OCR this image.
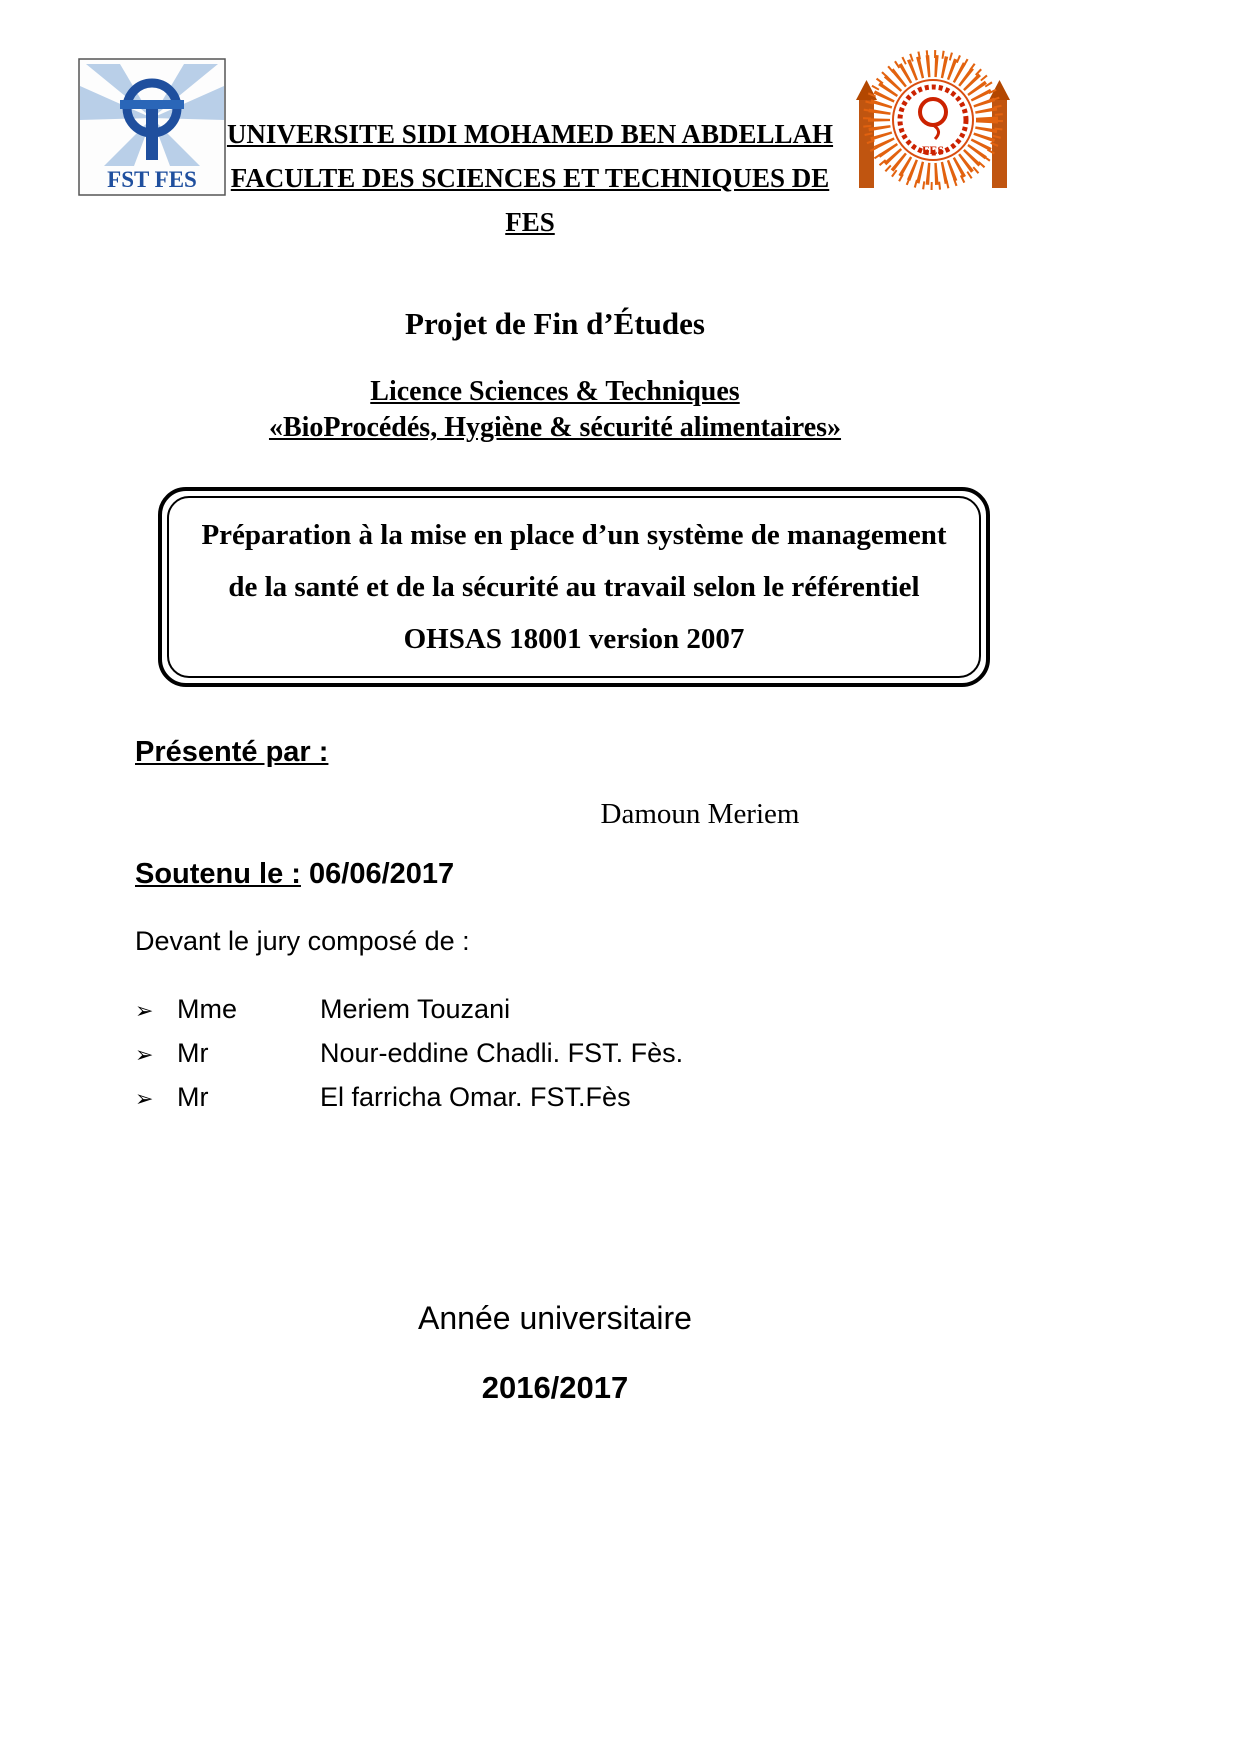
FST FES
UNIVERSITE SIDI MOHAMED BEN ABDELLAH
FACULTE DES SCIENCES ET TECHNIQUES DE
FES
FES
Projet de Fin d’Études
Licence Sciences & Techniques
«BioProcédés, Hygiène & sécurité alimentaires»
Préparation à la mise en place d’un système de management
de la santé et de la sécurité au travail selon le référentiel
OHSAS 18001 version 2007
Présenté par :
Damoun Meriem
Soutenu le : 06/06/2017
Devant le jury composé de :
➢ Mme	Meriem Touzani
➢ Mr	Nour-eddine Chadli. FST. Fès.
➢ Mr	El farricha Omar. FST.Fès
Année universitaire
2016/2017
